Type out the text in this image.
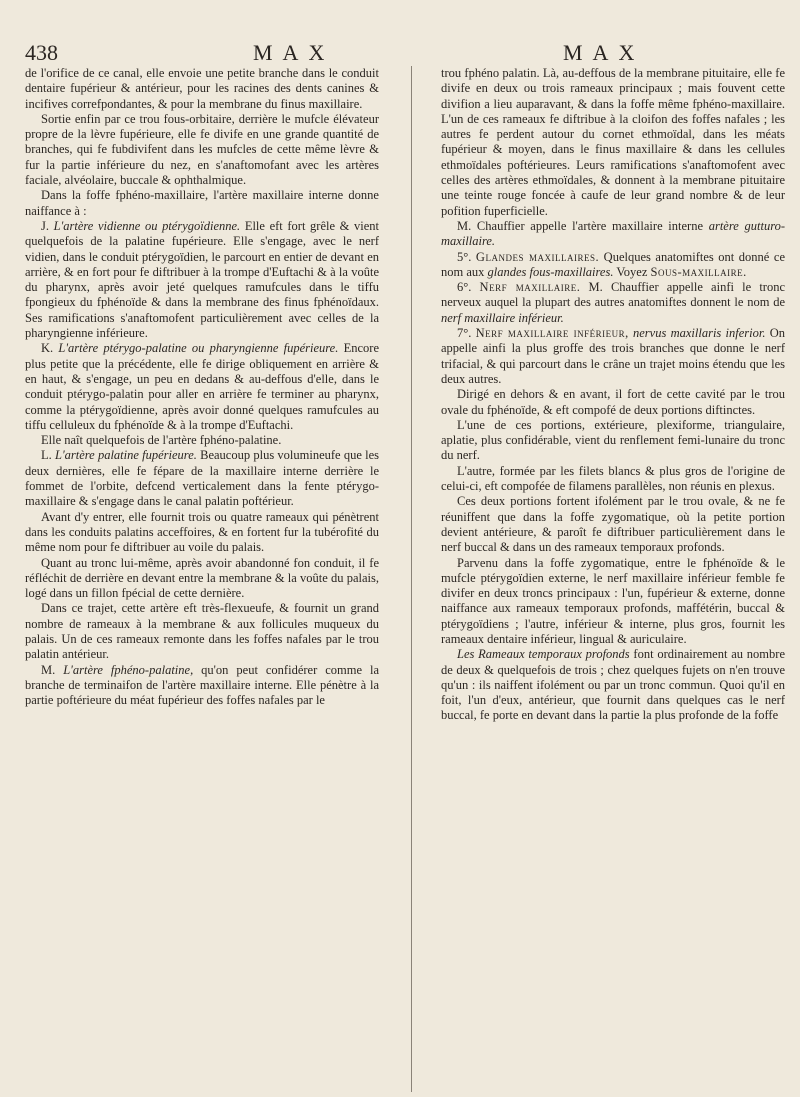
438	MAX	MAX

de l'orifice de ce canal, elle envoie une petite branche dans le conduit dentaire fupérieur & antérieur, pour les racines des dents canines & incifives correfpondantes, & pour la membrane du finus maxillaire.

Sortie enfin par ce trou fous-orbitaire, derrière le mufcle élévateur propre de la lèvre fupérieure, elle fe divife en une grande quantité de branches, qui fe fubdivifent dans les mufcles de cette même lèvre & fur la partie inférieure du nez, en s'anaftomofant avec les artères faciale, alvéolaire, buccale & ophthalmique.

Dans la foffe fphéno-maxillaire, l'artère maxillaire interne donne naiffance à :

J. L'artère vidienne ou ptérygoïdienne. Elle eft fort grêle & vient quelquefois de la palatine fupérieure. Elle s'engage, avec le nerf vidien, dans le conduit ptérygoïdien, le parcourt en entier de devant en arrière, & en fort pour fe diftribuer à la trompe d'Euftachi & à la voûte du pharynx, après avoir jeté quelques ramufcules dans le tiffu fpongieux du fphénoïde & dans la membrane des finus fphénoïdaux. Ses ramifications s'anaftomofent particulièrement avec celles de la pharyngienne inférieure.

K. L'artère ptérygo-palatine ou pharyngienne fupérieure. Encore plus petite que la précédente, elle fe dirige obliquement en arrière & en haut, & s'engage, un peu en dedans & au-deffous d'elle, dans le conduit ptérygo-palatin pour aller en arrière fe terminer au pharynx, comme la ptérygoïdienne, après avoir donné quelques ramufcules au tiffu celluleux du fphénoïde & à la trompe d'Euftachi.

Elle naît quelquefois de l'artère fphéno-palatine.

L. L'artère palatine fupérieure. Beaucoup plus volumineufe que les deux dernières, elle fe fépare de la maxillaire interne derrière le fommet de l'orbite, defcend verticalement dans la fente ptérygo-maxillaire & s'engage dans le canal palatin poftérieur.

Avant d'y entrer, elle fournit trois ou quatre rameaux qui pénètrent dans les conduits palatins acceffoires, & en fortent fur la tubérofité du même nom pour fe diftribuer au voile du palais.

Quant au tronc lui-même, après avoir abandonné fon conduit, il fe réfléchit de derrière en devant entre la membrane & la voûte du palais, logé dans un fillon fpécial de cette dernière.

Dans ce trajet, cette artère eft très-flexueufe, & fournit un grand nombre de rameaux à la membrane & aux follicules muqueux du palais. Un de ces rameaux remonte dans les foffes nafales par le trou palatin antérieur.

M. L'artère fphéno-palatine, qu'on peut confidérer comme la branche de terminaifon de l'artère maxillaire interne. Elle pénètre à la partie poftérieure du méat fupérieur des foffes nafales par le

trou fphéno palatin. Là, au-deffous de la membrane pituitaire, elle fe divife en deux ou trois rameaux principaux ; mais fouvent cette divifion a lieu auparavant, & dans la foffe même fphéno-maxillaire. L'un de ces rameaux fe diftribue à la cloifon des foffes nafales ; les autres fe perdent autour du cornet ethmoïdal, dans les méats fupérieur & moyen, dans le finus maxillaire & dans les cellules ethmoïdales poftérieures. Leurs ramifications s'anaftomofent avec celles des artères ethmoïdales, & donnent à la membrane pituitaire une teinte rouge foncée à caufe de leur grand nombre & de leur pofition fuperficielle.

M. Chauffier appelle l'artère maxillaire interne artère gutturo-maxillaire.

5°. Glandes maxillaires. Quelques anatomiftes ont donné ce nom aux glandes fous-maxillaires. Voyez Sous-maxillaire.

6°. Nerf maxillaire. M. Chauffier appelle ainfi le tronc nerveux auquel la plupart des autres anatomiftes donnent le nom de nerf maxillaire inférieur.

7°. Nerf maxillaire inférieur, nervus maxillaris inferior. On appelle ainfi la plus groffe des trois branches que donne le nerf trifacial, & qui parcourt dans le crâne un trajet moins étendu que les deux autres.

Dirigé en dehors & en avant, il fort de cette cavité par le trou ovale du fphénoïde, & eft compofé de deux portions diftinctes.

L'une de ces portions, extérieure, plexiforme, triangulaire, aplatie, plus confidérable, vient du renflement femi-lunaire du tronc du nerf.

L'autre, formée par les filets blancs & plus gros de l'origine de celui-ci, eft compofée de filamens parallèles, non réunis en plexus.

Ces deux portions fortent ifolément par le trou ovale, & ne fe réuniffent que dans la foffe zygomatique, où la petite portion devient antérieure, & paroît fe diftribuer particulièrement dans le nerf buccal & dans un des rameaux temporaux profonds.

Parvenu dans la foffe zygomatique, entre le fphénoïde & le mufcle ptérygoïdien externe, le nerf maxillaire inférieur femble fe divifer en deux troncs principaux : l'un, fupérieur & externe, donne naiffance aux rameaux temporaux profonds, maffétérin, buccal & ptérygoïdiens ; l'autre, inférieur & interne, plus gros, fournit les rameaux dentaire inférieur, lingual & auriculaire.

Les Rameaux temporaux profonds font ordinairement au nombre de deux & quelquefois de trois ; chez quelques fujets on n'en trouve qu'un : ils naiffent ifolément ou par un tronc commun. Quoi qu'il en foit, l'un d'eux, antérieur, que fournit dans quelques cas le nerf buccal, fe porte en devant dans la partie la plus profonde de la foffe
